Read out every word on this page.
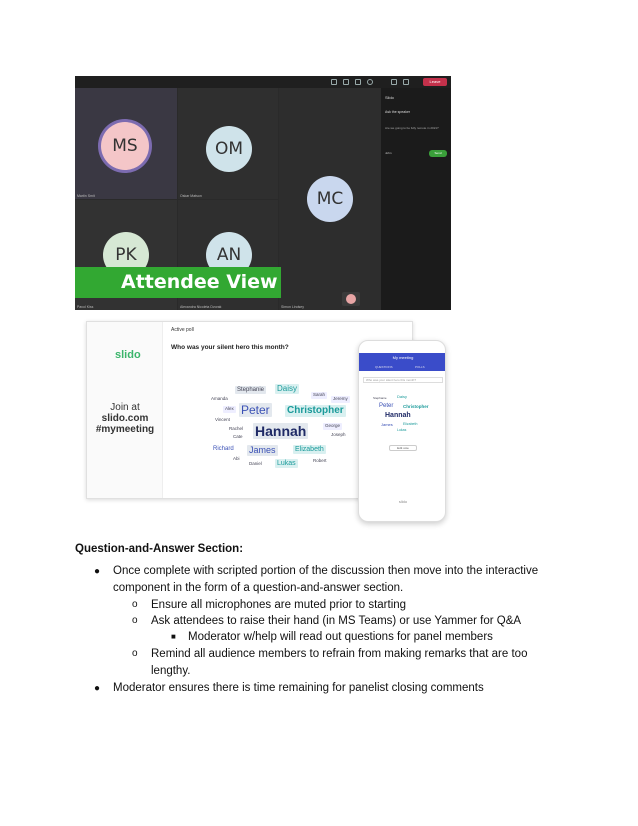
Leave
MS
Martin Smit
OM
Oskar Matson	MC
PK
Pavol Kiss
AN
Alexandra Nicoleta Dvorak	Simon Lindsey
Slido
Ask the speaker
Are we going to be fully remote in 2021?
John	Send
Attendee View
slido
Join at
slido.com
#mymeeting
Active poll
Who was your silent hero this month?
Stephanie Daisy
Sarah
Amanda	Jeremy
Alex Peter Christopher
Vincent
Rachel Hannah	George
Cate	Joseph
Richard James	Elizabeth
Abi	Robert
Daniel Lukas
My meeting
QUESTIONS	POLLS
Who was your silent hero this month?
Stephanie	Daisy
Peter Christopher
Hannah
James	Elizabeth
Lukas
Edit vote
slido
Question-and-Answer Section:
● Once complete with scripted portion of the discussion then move into the interactive
component in the form of a question-and-answer section.
o Ensure all microphones are muted prior to starting
o Ask attendees to raise their hand (in MS Teams) or use Yammer for Q&A
■ Moderator w/help will read out questions for panel members
o Remind all audience members to refrain from making remarks that are too
lengthy.
● Moderator ensures there is time remaining for panelist closing comments
